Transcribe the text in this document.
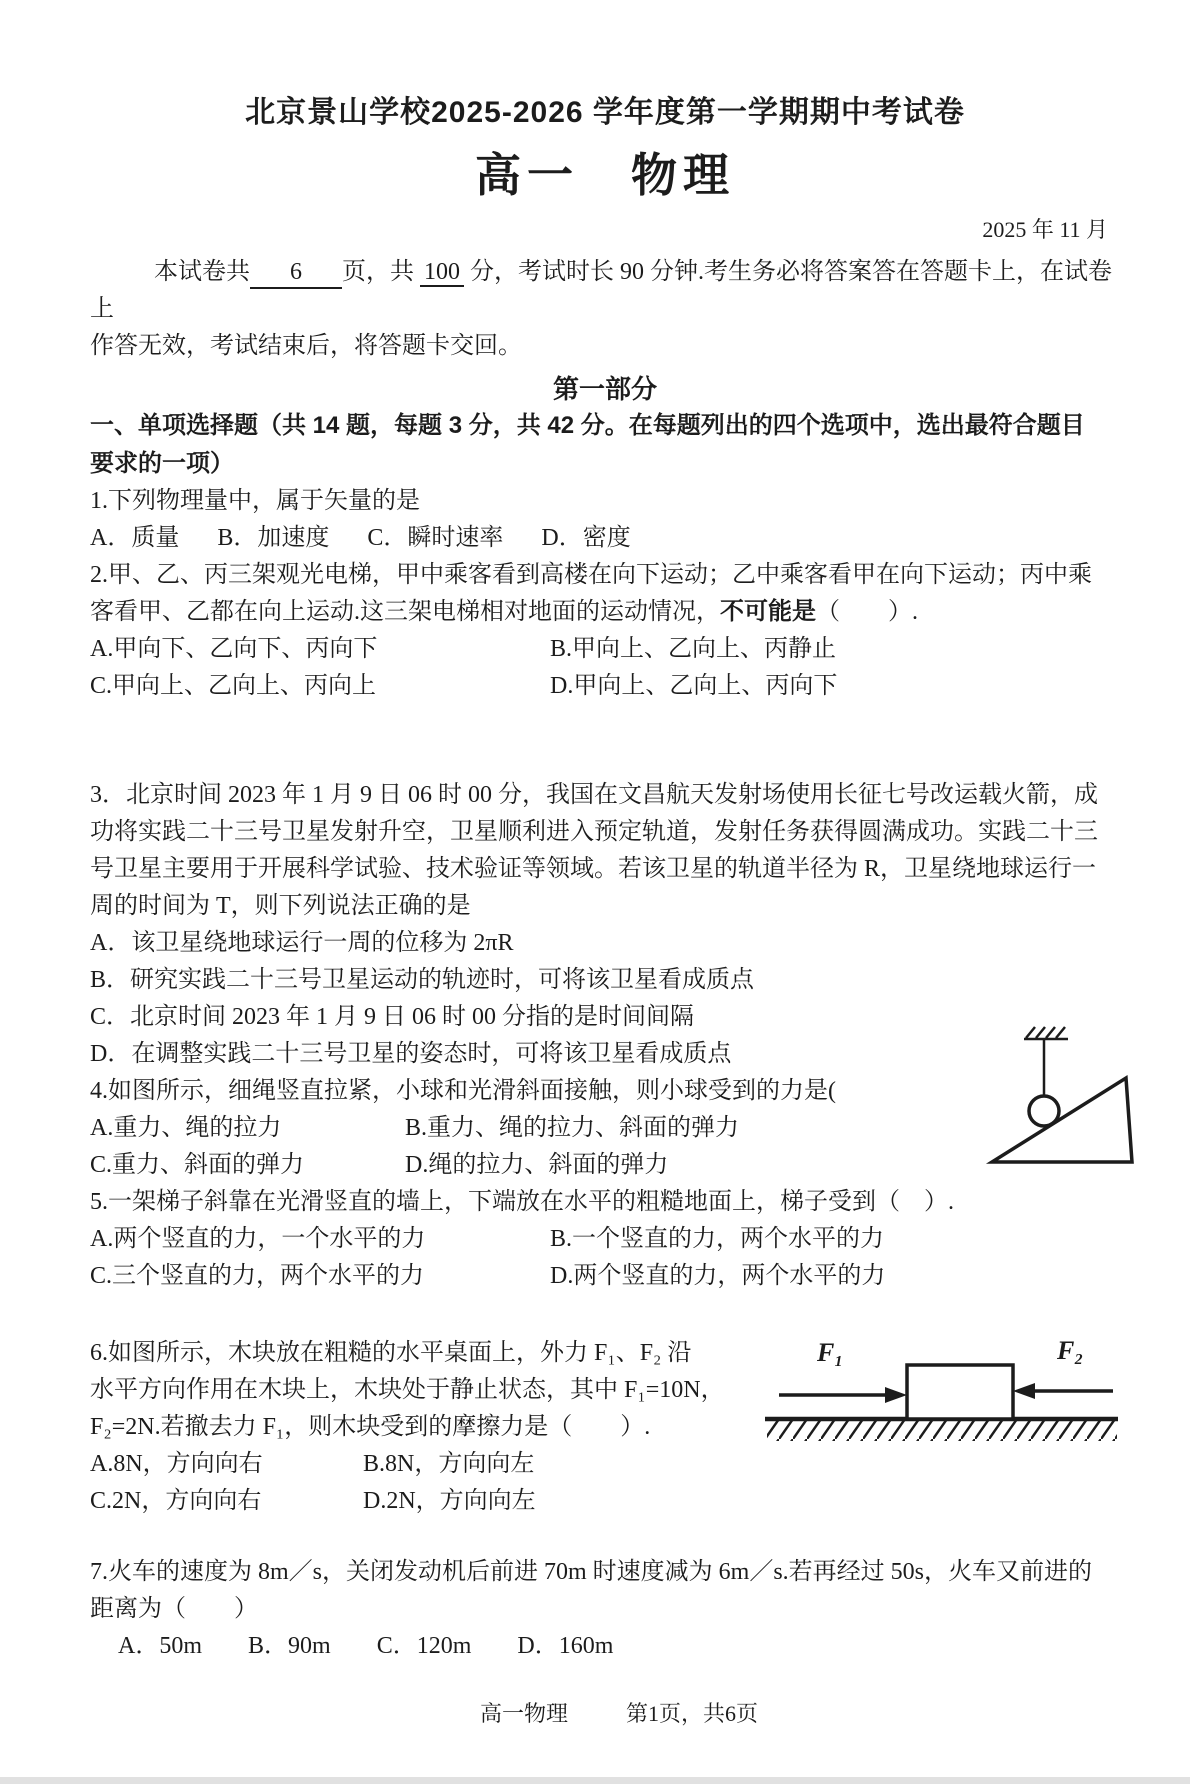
北京景山学校2025-2026 学年度第一学期期中考试卷
高一　物理
2025 年 11 月

本试卷共 6 页，共 100 分，考试时长 90 分钟.考生务必将答案答在答题卡上，在试卷上
作答无效，考试结束后，将答题卡交回。

第一部分
一、单项选择题（共 14 题，每题 3 分，共 42 分。在每题列出的四个选项中，选出最符合题目
要求的一项）
1.下列物理量中，属于矢量的是
A．质量 B．加速度 C．瞬时速率 D．密度
2.甲、乙、丙三架观光电梯，甲中乘客看到高楼在向下运动；乙中乘客看甲在向下运动；丙中乘
客看甲、乙都在向上运动.这三架电梯相对地面的运动情况，不可能是（　　）.
A.甲向下、乙向下、丙向下	B.甲向上、乙向上、丙静止
C.甲向上、乙向上、丙向上	D.甲向上、乙向上、丙向下
3．北京时间 2023 年 1 月 9 日 06 时 00 分，我国在文昌航天发射场使用长征七号改运载火箭，成
功将实践二十三号卫星发射升空，卫星顺利进入预定轨道，发射任务获得圆满成功。实践二十三
号卫星主要用于开展科学试验、技术验证等领域。若该卫星的轨道半径为 R，卫星绕地球运行一
周的时间为 T，则下列说法正确的是
A．该卫星绕地球运行一周的位移为 2πR
B．研究实践二十三号卫星运动的轨迹时，可将该卫星看成质点
C．北京时间 2023 年 1 月 9 日 06 时 00 分指的是时间间隔
D．在调整实践二十三号卫星的姿态时，可将该卫星看成质点
4.如图所示，细绳竖直拉紧，小球和光滑斜面接触，则小球受到的力是(
A.重力、绳的拉力	B.重力、绳的拉力、斜面的弹力
C.重力、斜面的弹力	D.绳的拉力、斜面的弹力
5.一架梯子斜靠在光滑竖直的墙上，下端放在水平的粗糙地面上，梯子受到（　）.
A.两个竖直的力，一个水平的力	B.一个竖直的力，两个水平的力
C.三个竖直的力，两个水平的力	D.两个竖直的力，两个水平的力
F₁	F₂
6.如图所示，木块放在粗糙的水平桌面上，外力 F₁、F₂ 沿
水平方向作用在木块上，木块处于静止状态，其中 F₁=10N，
F₂=2N.若撤去力 F₁，则木块受到的摩擦力是（　　）.
A.8N，方向向右	B.8N，方向向左
C.2N，方向向右	D.2N，方向向左
7.火车的速度为 8m／s，关闭发动机后前进 70m 时速度减为 6m／s.若再经过 50s，火车又前进的
距离为（　　）
A．50m B．90m C．120m D．160m
高一物理	第1页，共6页
